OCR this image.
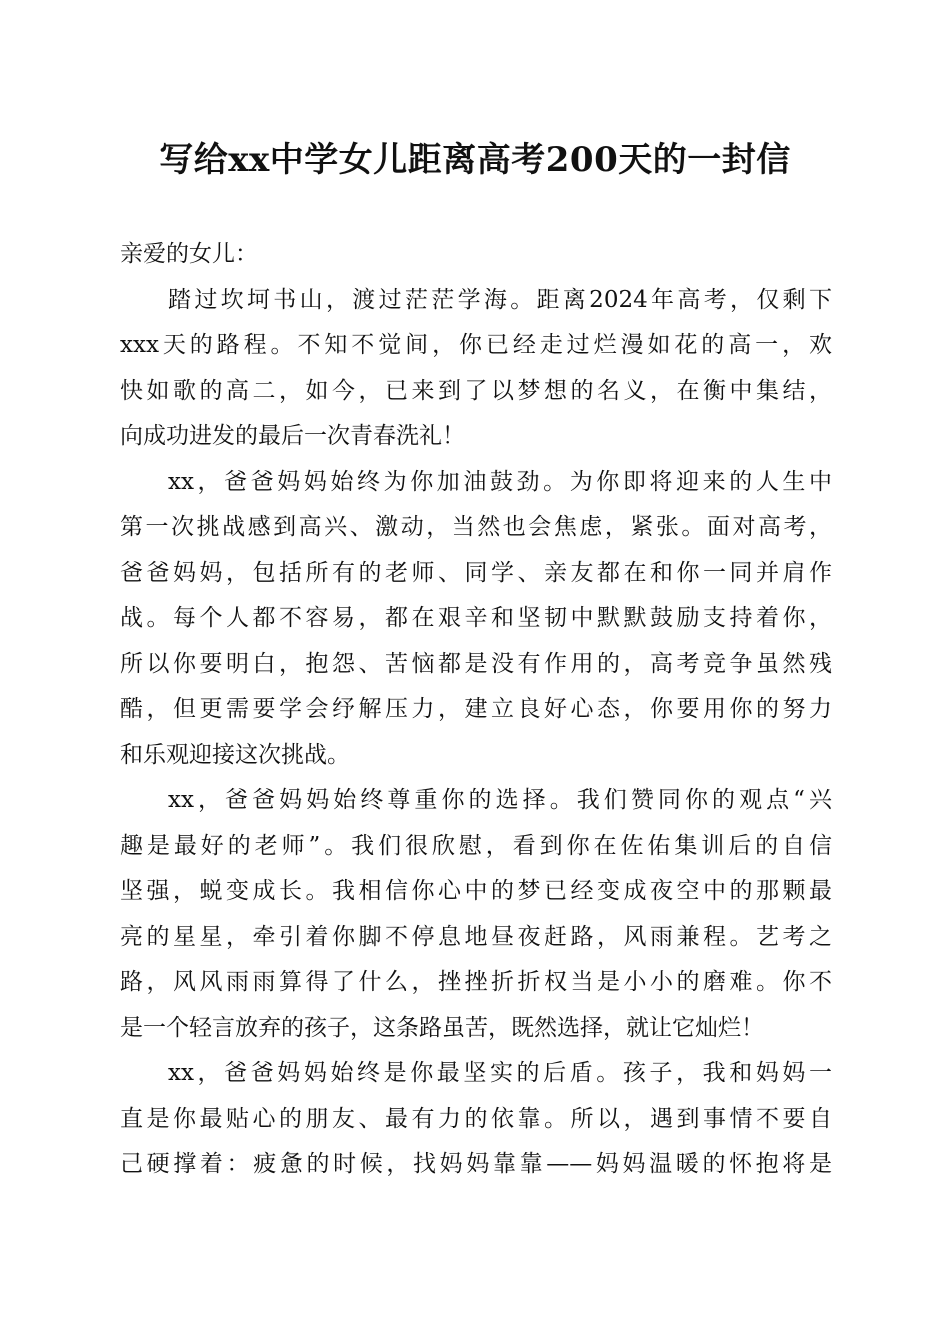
写给xx中学女儿距离高考200天的一封信
亲爱的女儿：
踏过坎坷书山，渡过茫茫学海。距离2024年高考，仅剩下
xxx天的路程。不知不觉间，你已经走过烂漫如花的高一，欢
快如歌的高二，如今，已来到了以梦想的名义，在衡中集结，
向成功进发的最后一次青春洗礼！
xx，爸爸妈妈始终为你加油鼓劲。为你即将迎来的人生中
第一次挑战感到高兴、激动，当然也会焦虑，紧张。面对高考，
爸爸妈妈，包括所有的老师、同学、亲友都在和你一同并肩作
战。每个人都不容易，都在艰辛和坚韧中默默鼓励支持着你，
所以你要明白，抱怨、苦恼都是没有作用的，高考竞争虽然残
酷，但更需要学会纾解压力，建立良好心态，你要用你的努力
和乐观迎接这次挑战。
xx，爸爸妈妈始终尊重你的选择。我们赞同你的观点“兴
趣是最好的老师”。我们很欣慰，看到你在佐佑集训后的自信
坚强，蜕变成长。我相信你心中的梦已经变成夜空中的那颗最
亮的星星，牵引着你脚不停息地昼夜赶路，风雨兼程。艺考之
路，风风雨雨算得了什么，挫挫折折权当是小小的磨难。你不
是一个轻言放弃的孩子，这条路虽苦，既然选择，就让它灿烂！
xx，爸爸妈妈始终是你最坚实的后盾。孩子，我和妈妈一
直是你最贴心的朋友、最有力的依靠。所以，遇到事情不要自
己硬撑着：疲惫的时候，找妈妈靠靠——妈妈温暖的怀抱将是
